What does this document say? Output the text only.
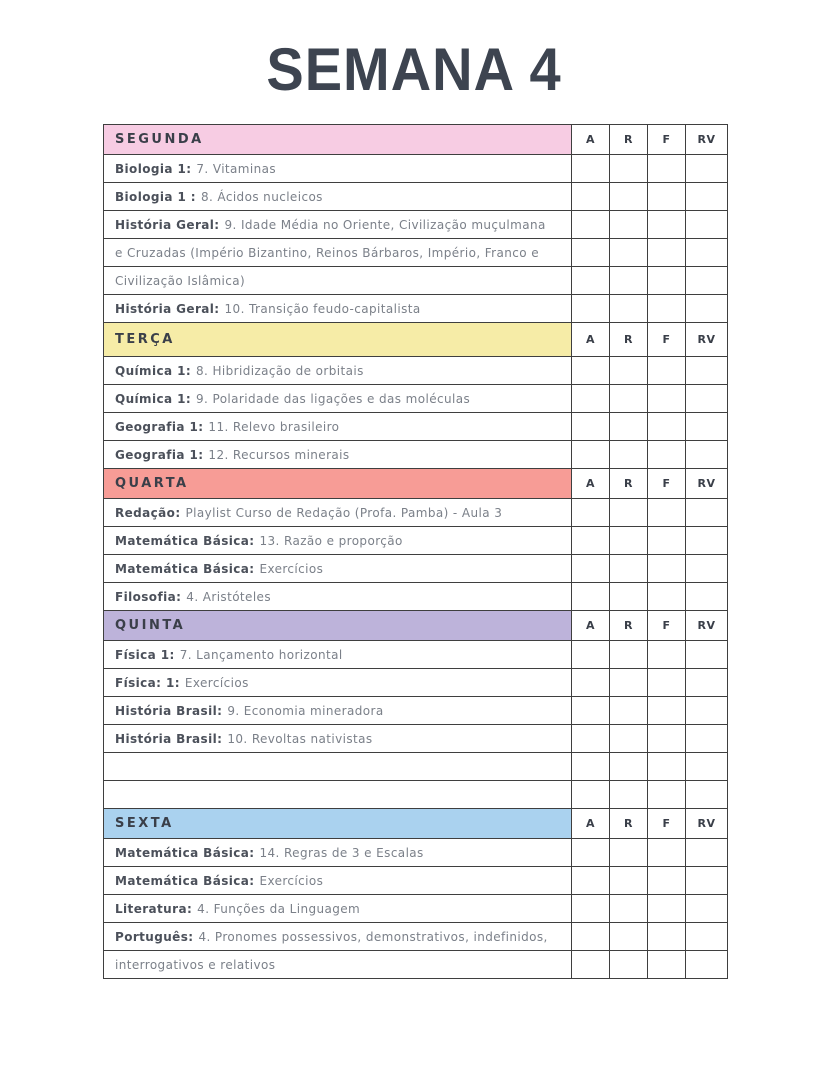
SEMANA 4
SEGUNDA	A	R	F	RV
Biologia 1: 7. Vitaminas
Biologia 1 : 8. Ácidos nucleicos
História Geral: 9. Idade Média no Oriente, Civilização muçulmana
e Cruzadas (Império Bizantino, Reinos Bárbaros, Império, Franco e
Civilização Islâmica)
História Geral: 10. Transição feudo-capitalista
TERÇA	A	R	F	RV
Química 1: 8. Hibridização de orbitais
Química 1: 9. Polaridade das ligações e das moléculas
Geografia 1: 11. Relevo brasileiro
Geografia 1: 12. Recursos minerais
QUARTA	A	R	F	RV
Redação: Playlist Curso de Redação (Profa. Pamba) - Aula 3
Matemática Básica: 13. Razão e proporção
Matemática Básica: Exercícios
Filosofia: 4. Aristóteles
QUINTA	A	R	F	RV
Física 1: 7. Lançamento horizontal
Física: 1: Exercícios
História Brasil: 9. Economia mineradora
História Brasil: 10. Revoltas nativistas
SEXTA	A	R	F	RV
Matemática Básica: 14. Regras de 3 e Escalas
Matemática Básica: Exercícios
Literatura: 4. Funções da Linguagem
Português: 4. Pronomes possessivos, demonstrativos, indefinidos,
interrogativos e relativos
